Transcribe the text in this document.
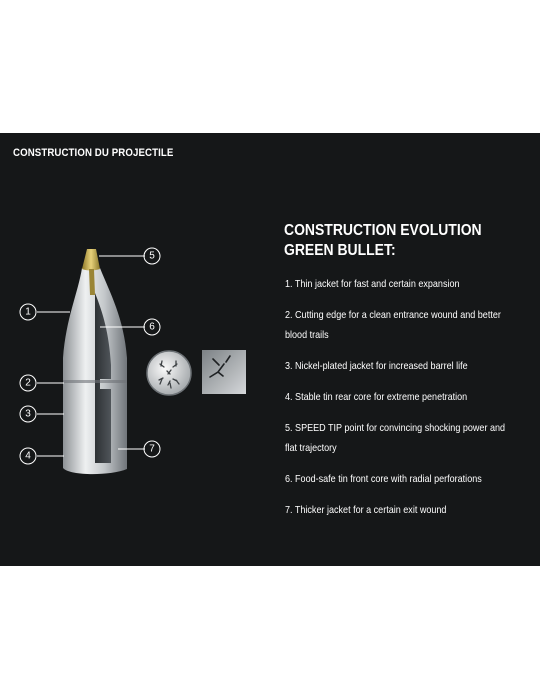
CONSTRUCTION DU PROJECTILE
1
2
3
4
5
6
7
CONSTRUCTION EVOLUTION GREEN BULLET:
1. Thin jacket for fast and certain expansion
2. Cutting edge for a clean entrance wound and better blood trails
3. Nickel-plated jacket for increased barrel life
4. Stable tin rear core for extreme penetration
5. SPEED TIP point for convincing shocking power and flat trajectory
6. Food-safe tin front core with radial perforations
7. Thicker jacket for a certain exit wound
